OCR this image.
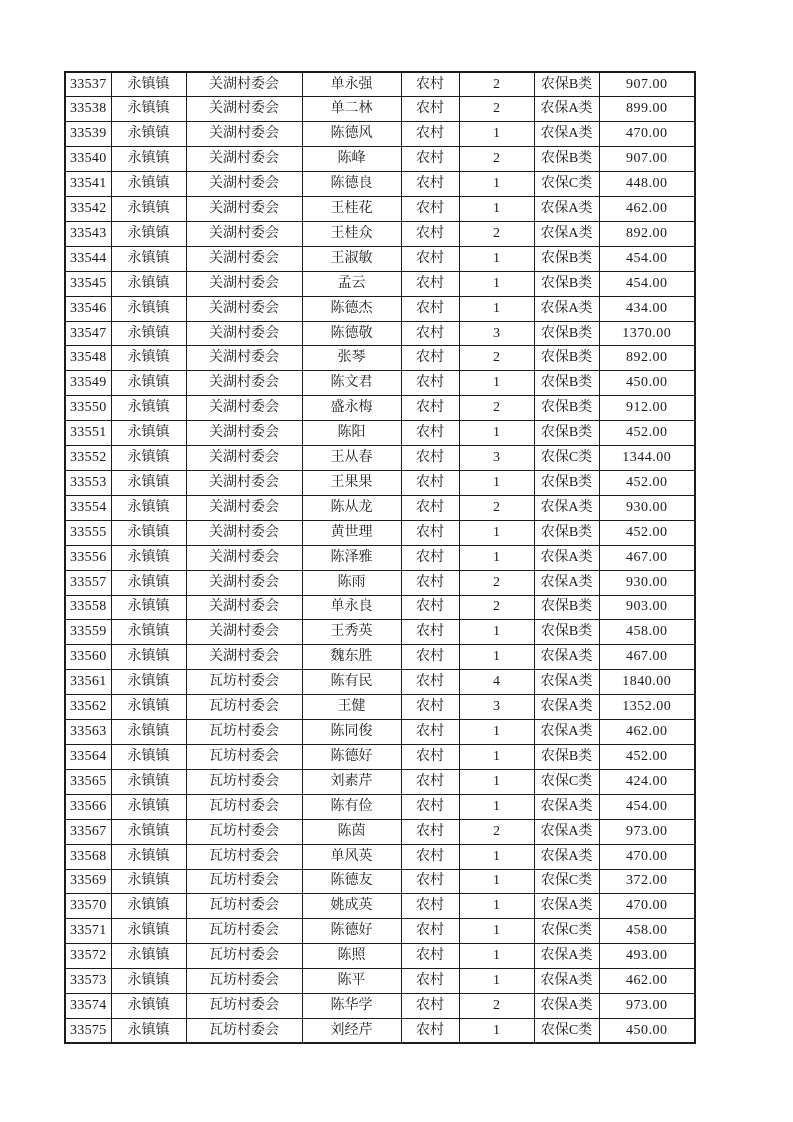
33537	永镇镇	关湖村委会	单永强	农村	2	农保B类	907.00
33538	永镇镇	关湖村委会	单二林	农村	2	农保A类	899.00
33539	永镇镇	关湖村委会	陈德风	农村	1	农保A类	470.00
33540	永镇镇	关湖村委会	陈峰	农村	2	农保B类	907.00
33541	永镇镇	关湖村委会	陈德良	农村	1	农保C类	448.00
33542	永镇镇	关湖村委会	王桂花	农村	1	农保A类	462.00
33543	永镇镇	关湖村委会	王桂众	农村	2	农保A类	892.00
33544	永镇镇	关湖村委会	王淑敏	农村	1	农保B类	454.00
33545	永镇镇	关湖村委会	孟云	农村	1	农保B类	454.00
33546	永镇镇	关湖村委会	陈德杰	农村	1	农保A类	434.00
33547	永镇镇	关湖村委会	陈德敬	农村	3	农保B类	1370.00
33548	永镇镇	关湖村委会	张琴	农村	2	农保B类	892.00
33549	永镇镇	关湖村委会	陈文君	农村	1	农保B类	450.00
33550	永镇镇	关湖村委会	盛永梅	农村	2	农保B类	912.00
33551	永镇镇	关湖村委会	陈阳	农村	1	农保B类	452.00
33552	永镇镇	关湖村委会	王从春	农村	3	农保C类	1344.00
33553	永镇镇	关湖村委会	王果果	农村	1	农保B类	452.00
33554	永镇镇	关湖村委会	陈从龙	农村	2	农保A类	930.00
33555	永镇镇	关湖村委会	黄世理	农村	1	农保B类	452.00
33556	永镇镇	关湖村委会	陈泽雅	农村	1	农保A类	467.00
33557	永镇镇	关湖村委会	陈雨	农村	2	农保A类	930.00
33558	永镇镇	关湖村委会	单永良	农村	2	农保B类	903.00
33559	永镇镇	关湖村委会	王秀英	农村	1	农保B类	458.00
33560	永镇镇	关湖村委会	魏东胜	农村	1	农保A类	467.00
33561	永镇镇	瓦坊村委会	陈有民	农村	4	农保A类	1840.00
33562	永镇镇	瓦坊村委会	王健	农村	3	农保A类	1352.00
33563	永镇镇	瓦坊村委会	陈同俊	农村	1	农保A类	462.00
33564	永镇镇	瓦坊村委会	陈德好	农村	1	农保B类	452.00
33565	永镇镇	瓦坊村委会	刘素芹	农村	1	农保C类	424.00
33566	永镇镇	瓦坊村委会	陈有俭	农村	1	农保A类	454.00
33567	永镇镇	瓦坊村委会	陈茵	农村	2	农保A类	973.00
33568	永镇镇	瓦坊村委会	单风英	农村	1	农保A类	470.00
33569	永镇镇	瓦坊村委会	陈德友	农村	1	农保C类	372.00
33570	永镇镇	瓦坊村委会	姚成英	农村	1	农保A类	470.00
33571	永镇镇	瓦坊村委会	陈德好	农村	1	农保C类	458.00
33572	永镇镇	瓦坊村委会	陈照	农村	1	农保A类	493.00
33573	永镇镇	瓦坊村委会	陈平	农村	1	农保A类	462.00
33574	永镇镇	瓦坊村委会	陈华学	农村	2	农保A类	973.00
33575	永镇镇	瓦坊村委会	刘经芹	农村	1	农保C类	450.00
